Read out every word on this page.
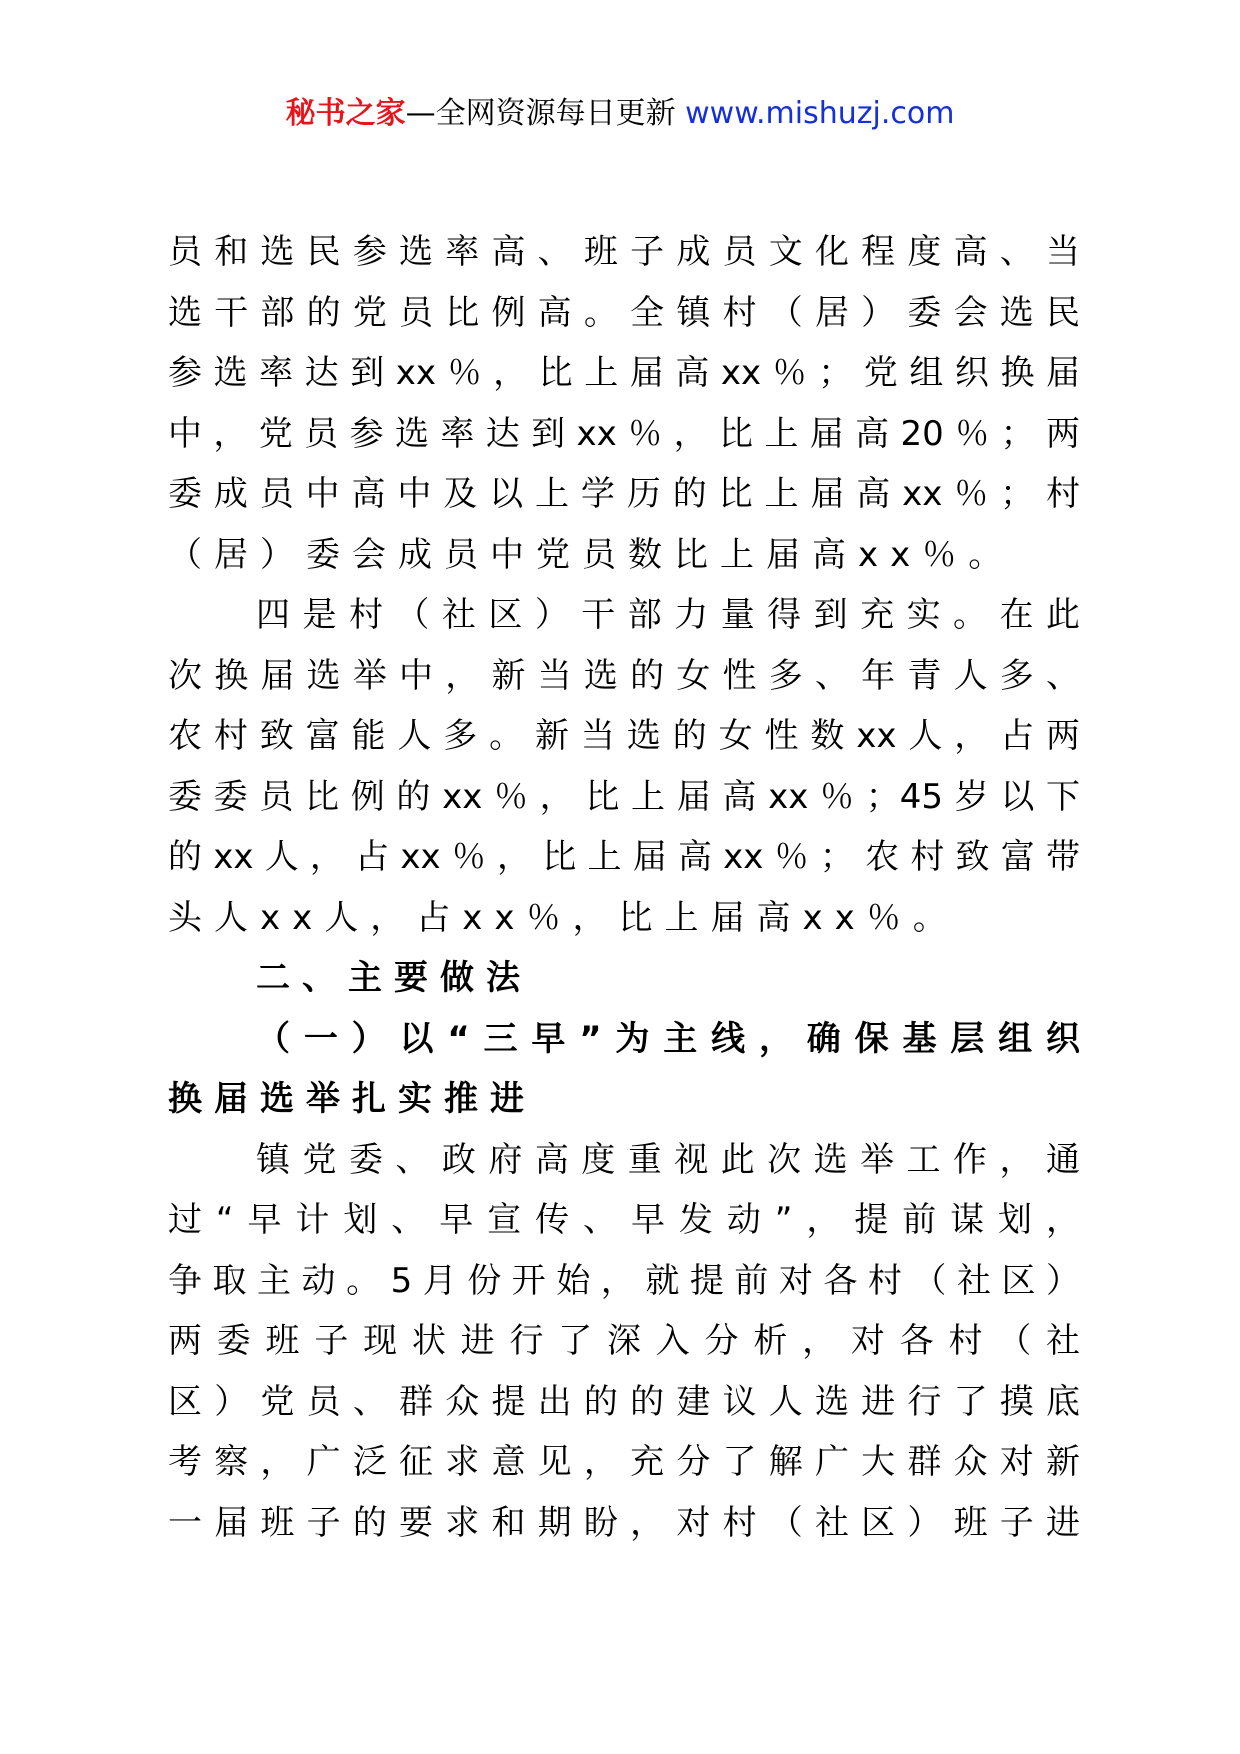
秘书之家—全网资源每日更新 www.mishuzj.com
员和选民参选率高、班子成员文化程度高、当
选干部的党员比例高。全镇村（居）委会选民
参选率达到xx％，比上届高xx％；党组织换届
中，党员参选率达到xx％，比上届高20％；两
委成员中高中及以上学历的比上届高xx％；村
（居）委会成员中党员数比上届高xx％。
四是村（社区）干部力量得到充实。在此
次换届选举中，新当选的女性多、年青人多、
农村致富能人多。新当选的女性数xx人，占两
委委员比例的xx％，比上届高xx％；45岁以下
的xx人，占xx％，比上届高xx％；农村致富带
头人xx人，占xx％，比上届高xx％。
二、主要做法
（一）以“三早”为主线，确保基层组织
换届选举扎实推进
镇党委、政府高度重视此次选举工作，通
过“早计划、早宣传、早发动”，提前谋划，
争取主动。5月份开始，就提前对各村（社区）
两委班子现状进行了深入分析，对各村（社
区）党员、群众提出的的建议人选进行了摸底
考察，广泛征求意见，充分了解广大群众对新
一届班子的要求和期盼，对村（社区）班子进
